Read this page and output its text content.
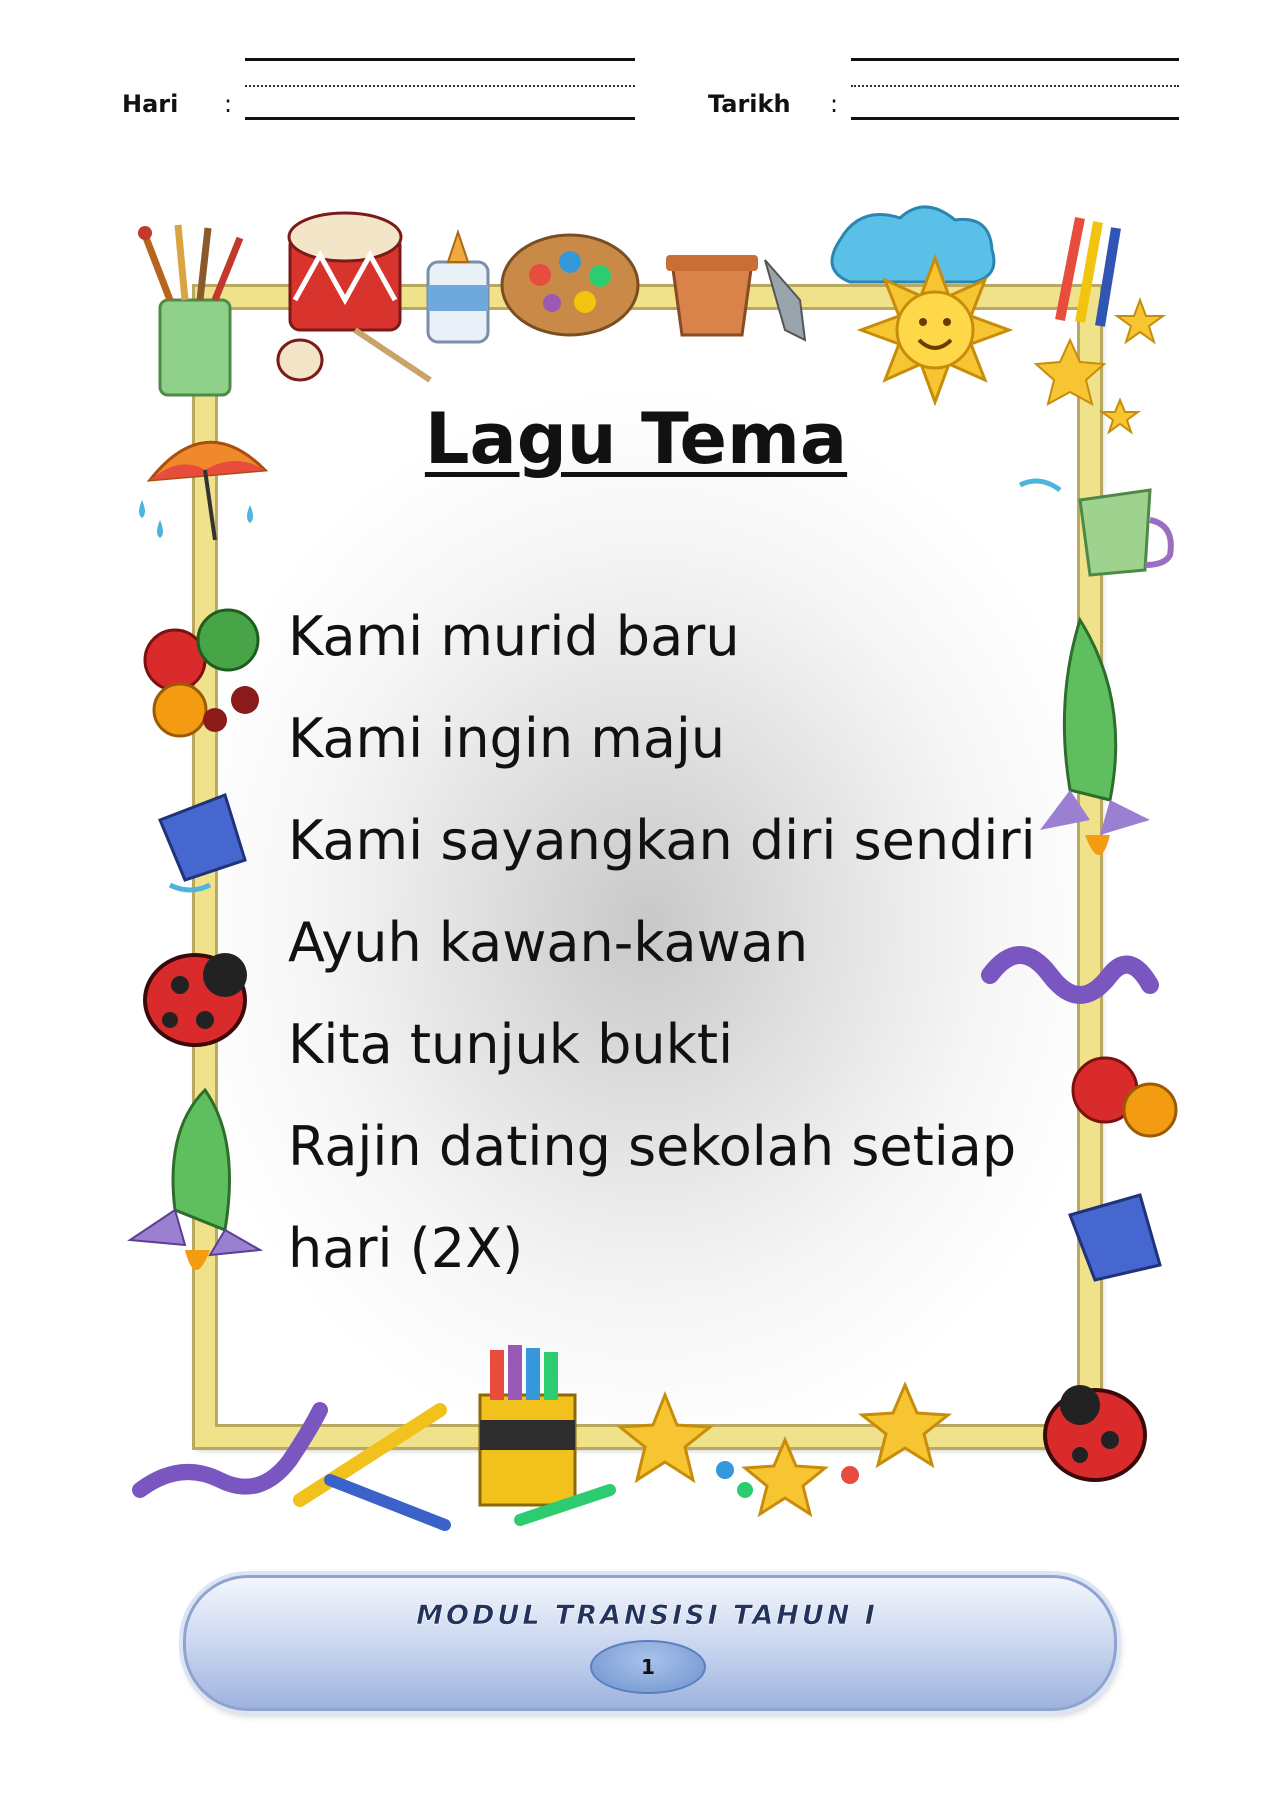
Hari :	Tarikh :
Lagu Tema
Kami murid baru
Kami ingin maju
Kami sayangkan diri sendiri
Ayuh kawan-kawan
Kita tunjuk bukti
Rajin dating sekolah setiap
hari (2X)
MODUL TRANSISI TAHUN I
1
